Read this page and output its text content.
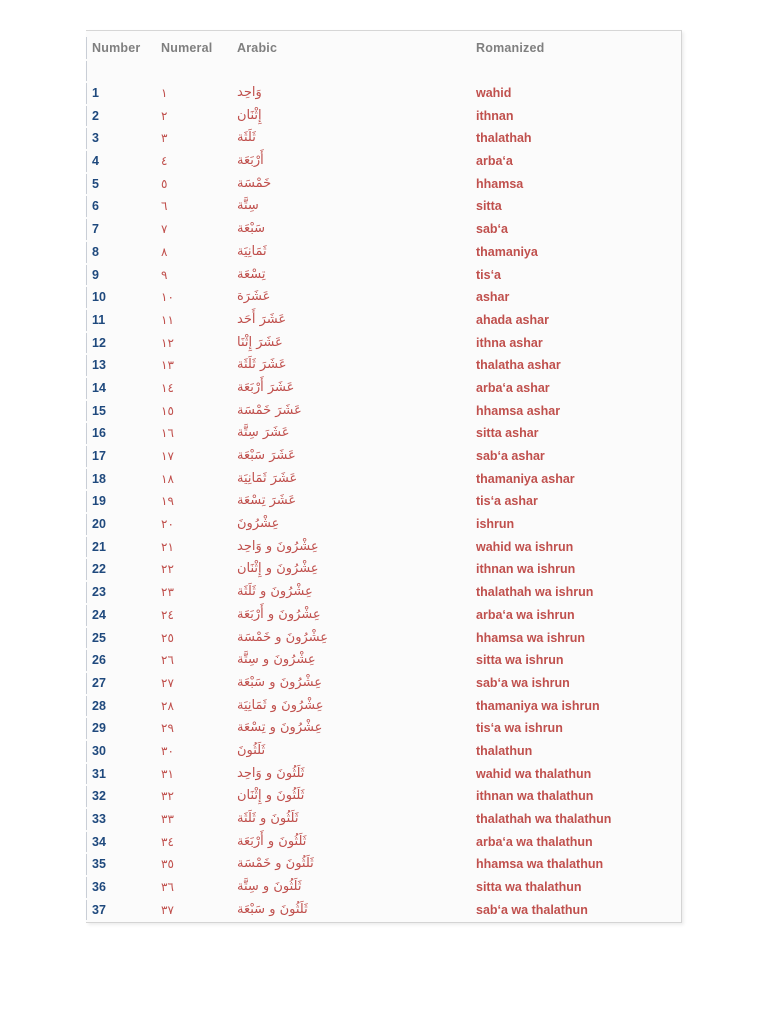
Number	Numeral	Arabic	Romanized
1	١	وَاحِد	wahid
2	٢	إِثْنَان	ithnan
3	٣	ثَلَثَة	thalathah
4	٤	أَرْبَعَة	arba‘a
5	٥	خَمْسَة	hhamsa
6	٦	سِتَّة	sitta
7	٧	سَبْعَة	sab‘a
8	٨	ثَمَانِيَة	thamaniya
9	٩	تِسْعَة	tis‘a
10	١٠	عَشَرَة	ashar
11	١١	عَشَرَ أَحَد	ahada ashar
12	١٢	عَشَرَ إِثْنَا	ithna ashar
13	١٣	عَشَرَ ثَلَثَة	thalatha ashar
14	١٤	عَشَرَ أَرْبَعَة	arba‘a ashar
15	١٥	عَشَرَ خَمْسَة	hhamsa ashar
16	١٦	عَشَرَ سِتَّة	sitta ashar
17	١٧	عَشَرَ سَبْعَة	sab‘a ashar
18	١٨	عَشَرَ ثَمَانِيَة	thamaniya ashar
19	١٩	عَشَرَ تِسْعَة	tis‘a ashar
20	٢٠	عِشْرُونَ	ishrun
21	٢١	عِشْرُونَ و وَاحِد	wahid wa ishrun
22	٢٢	عِشْرُونَ و إِثْنَان	ithnan wa ishrun
23	٢٣	عِشْرُونَ و ثَلَثَة	thalathah wa ishrun
24	٢٤	عِشْرُونَ و أَرْبَعَة	arba‘a wa ishrun
25	٢٥	عِشْرُونَ و خَمْسَة	hhamsa wa ishrun
26	٢٦	عِشْرُونَ و سِتَّة	sitta wa ishrun
27	٢٧	عِشْرُونَ و سَبْعَة	sab‘a wa ishrun
28	٢٨	عِشْرُونَ و ثَمَانِيَة	thamaniya wa ishrun
29	٢٩	عِشْرُونَ و تِسْعَة	tis‘a wa ishrun
30	٣٠	ثَلَثُونَ	thalathun
31	٣١	ثَلَثُونَ و وَاحِد	wahid wa thalathun
32	٣٢	ثَلَثُونَ و إِثْنَان	ithnan wa thalathun
33	٣٣	ثَلَثُونَ و ثَلَثَة	thalathah wa thalathun
34	٣٤	ثَلَثُونَ و أَرْبَعَة	arba‘a wa thalathun
35	٣٥	ثَلَثُونَ و خَمْسَة	hhamsa wa thalathun
36	٣٦	ثَلَثُونَ و سِتَّة	sitta wa thalathun
37	٣٧	ثَلَثُونَ و سَبْعَة	sab‘a wa thalathun
